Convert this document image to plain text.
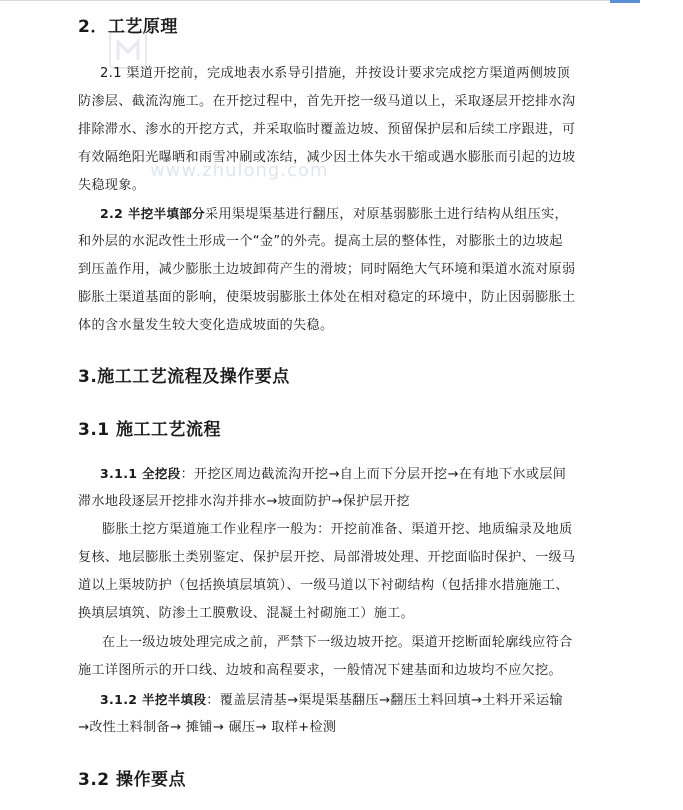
www.zhulong.com
2．工艺原理
2.1 渠道开挖前，完成地表水系导引措施，并按设计要求完成挖方渠道两侧坡顶
防渗层、截流沟施工。在开挖过程中，首先开挖一级马道以上，采取逐层开挖排水沟
排除滞水、渗水的开挖方式，并采取临时覆盖边坡、预留保护层和后续工序跟进，可
有效隔绝阳光曝晒和雨雪冲刷或冻结，减少因土体失水干缩或遇水膨胀而引起的边坡
失稳现象。
2.2 半挖半填部分采用渠堤渠基进行翻压，对原基弱膨胀土进行结构从组压实，
和外层的水泥改性土形成一个“金”的外壳。提高土层的整体性，对膨胀土的边坡起
到压盖作用，减少膨胀土边坡卸荷产生的滑坡；同时隔绝大气环境和渠道水流对原弱
膨胀土渠道基面的影响，使渠坡弱膨胀土体处在相对稳定的环境中，防止因弱膨胀土
体的含水量发生较大变化造成坡面的失稳。
3.施工工艺流程及操作要点
3.1 施工工艺流程
3.1.1 全挖段：开挖区周边截流沟开挖→自上而下分层开挖→在有地下水或层间
滞水地段逐层开挖排水沟并排水→坡面防护→保护层开挖
膨胀土挖方渠道施工作业程序一般为：开挖前准备、渠道开挖、地质编录及地质
复核、地层膨胀土类别鉴定、保护层开挖、局部滑坡处理、开挖面临时保护、一级马
道以上渠坡防护（包括换填层填筑）、一级马道以下衬砌结构（包括排水措施施工、
换填层填筑、防渗土工膜敷设、混凝土衬砌施工）施工。
在上一级边坡处理完成之前，严禁下一级边坡开挖。渠道开挖断面轮廓线应符合
施工详图所示的开口线、边坡和高程要求，一般情况下建基面和边坡均不应欠挖。
3.1.2 半挖半填段：覆盖层清基→渠堤渠基翻压→翻压土料回填→土料开采运输
→改性土料制备→ 摊铺→ 碾压→ 取样+检测
3.2 操作要点
